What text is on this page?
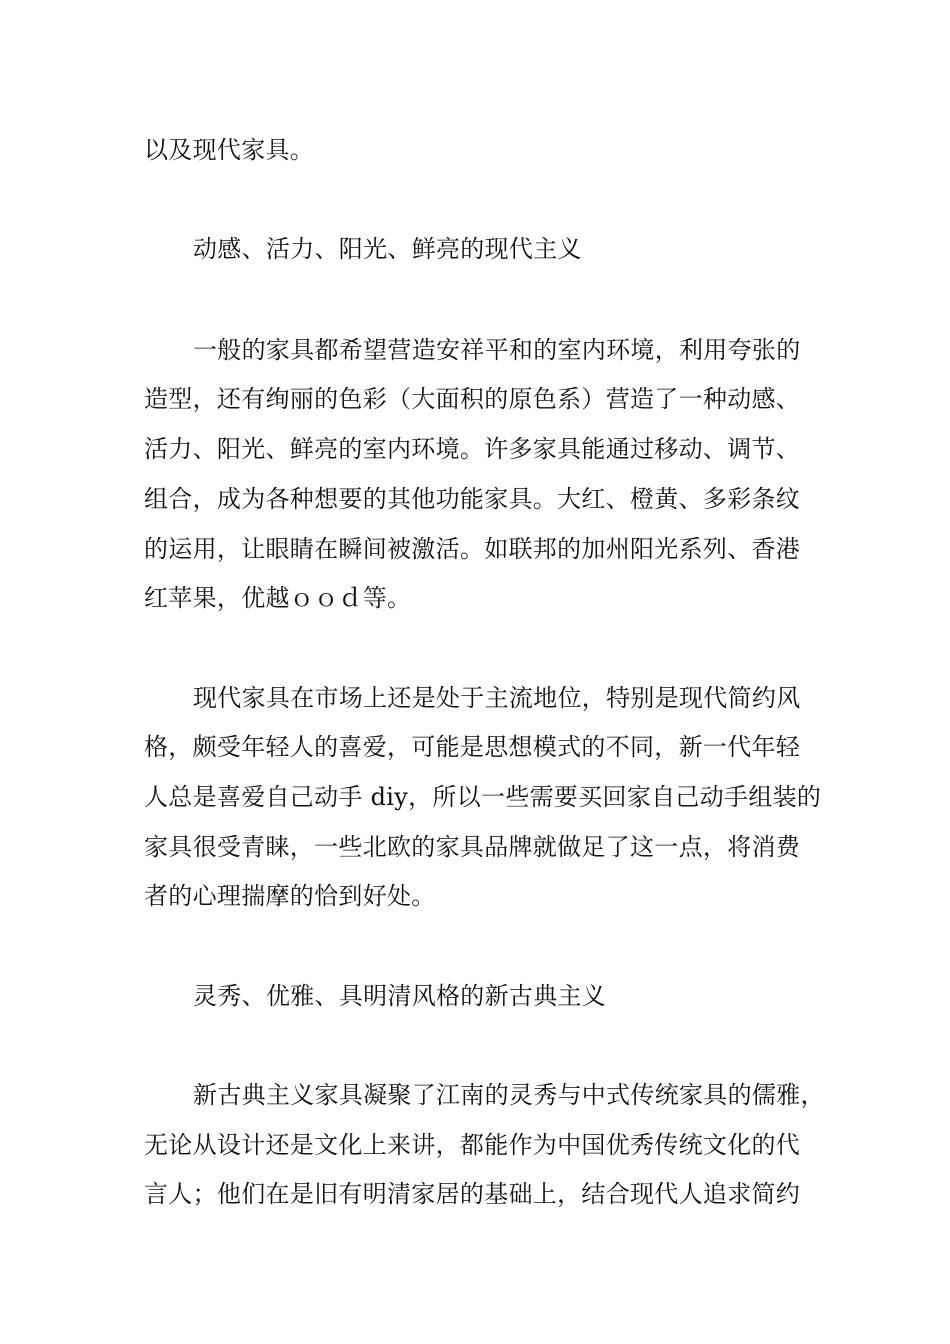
以及现代家具。
动感、活力、阳光、鲜亮的现代主义
一般的家具都希望营造安祥平和的室内环境，利用夸张的
造型，还有绚丽的色彩（大面积的原色系）营造了一种动感、
活力、阳光、鲜亮的室内环境。许多家具能通过移动、调节、
组合，成为各种想要的其他功能家具。大红、橙黄、多彩条纹
的运用，让眼睛在瞬间被激活。如联邦的加州阳光系列、香港
红苹果，优越ｏｏｄ等。
现代家具在市场上还是处于主流地位，特别是现代简约风
格，颇受年轻人的喜爱，可能是思想模式的不同，新一代年轻
人总是喜爱自己动手 diy，所以一些需要买回家自己动手组装的
家具很受青睐，一些北欧的家具品牌就做足了这一点，将消费
者的心理揣摩的恰到好处。
灵秀、优雅、具明清风格的新古典主义
新古典主义家具凝聚了江南的灵秀与中式传统家具的儒雅，
无论从设计还是文化上来讲，都能作为中国优秀传统文化的代
言人；他们在是旧有明清家居的基础上，结合现代人追求简约
